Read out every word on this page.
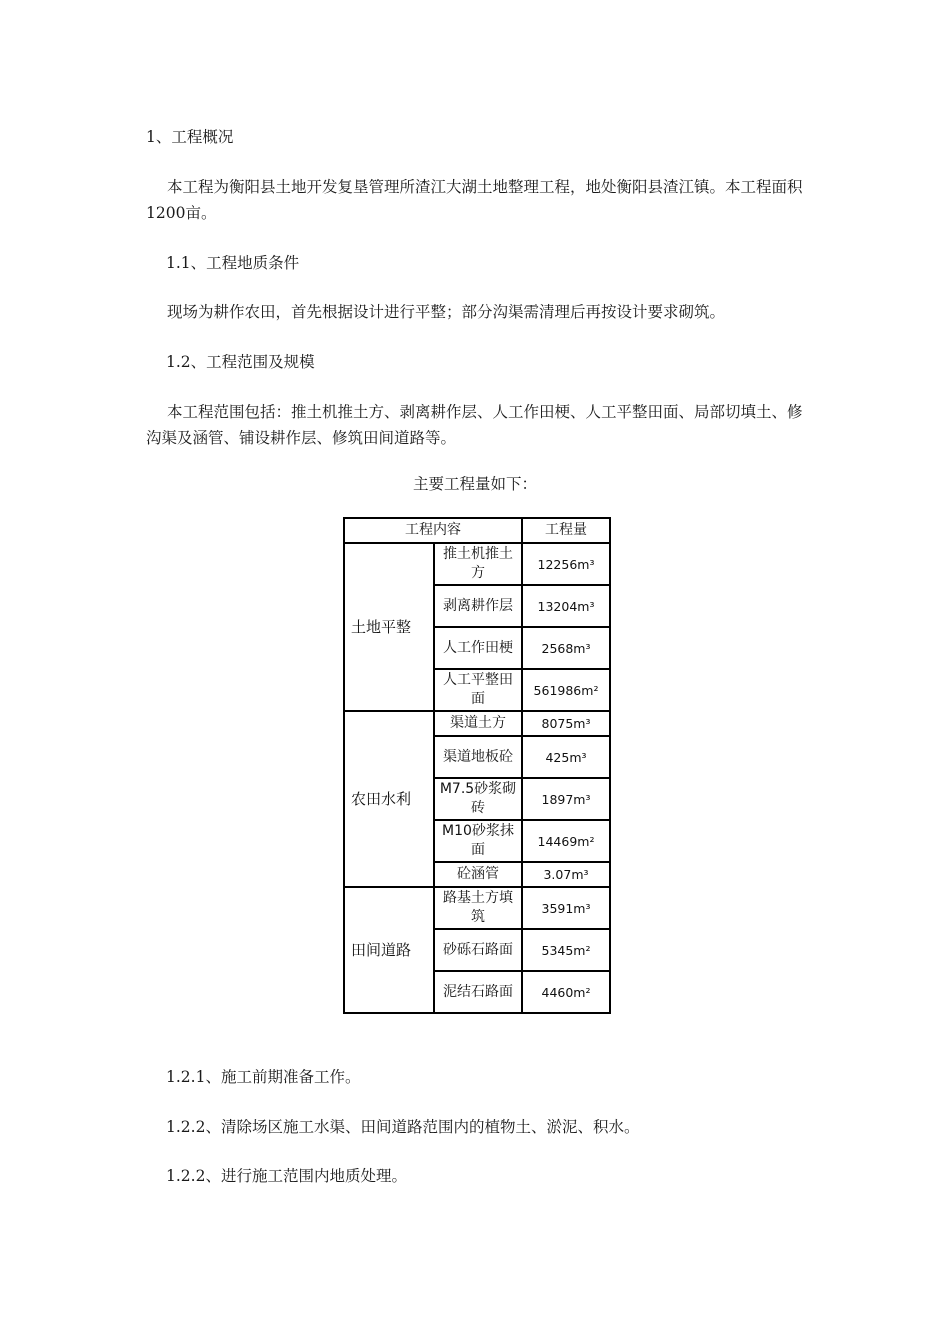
1、工程概况

本工程为衡阳县土地开发复垦管理所渣江大湖土地整理工程，地处衡阳县渣江镇。本工程面积1200亩。

1.1、工程地质条件

现场为耕作农田，首先根据设计进行平整；部分沟渠需清理后再按设计要求砌筑。

1.2、工程范围及规模

本工程范围包括：推土机推土方、剥离耕作层、人工作田梗、人工平整田面、局部切填土、修沟渠及涵管、铺设耕作层、修筑田间道路等。

主要工程量如下：

工程内容		工程量
土地平整	推土机推土方	12256m³
	剥离耕作层	13204m³
	人工作田梗	2568m³
	人工平整田面	561986m²
农田水利	渠道土方	8075m³
	渠道地板砼	425m³
	M7.5砂浆砌砖	1897m³
	M10砂浆抹面	14469m²
	砼涵管	3.07m³
田间道路	路基土方填筑	3591m³
	砂砾石路面	5345m²
	泥结石路面	4460m²

1.2.1、施工前期准备工作。

1.2.2、清除场区施工水渠、田间道路范围内的植物土、淤泥、积水。

1.2.2、进行施工范围内地质处理。
